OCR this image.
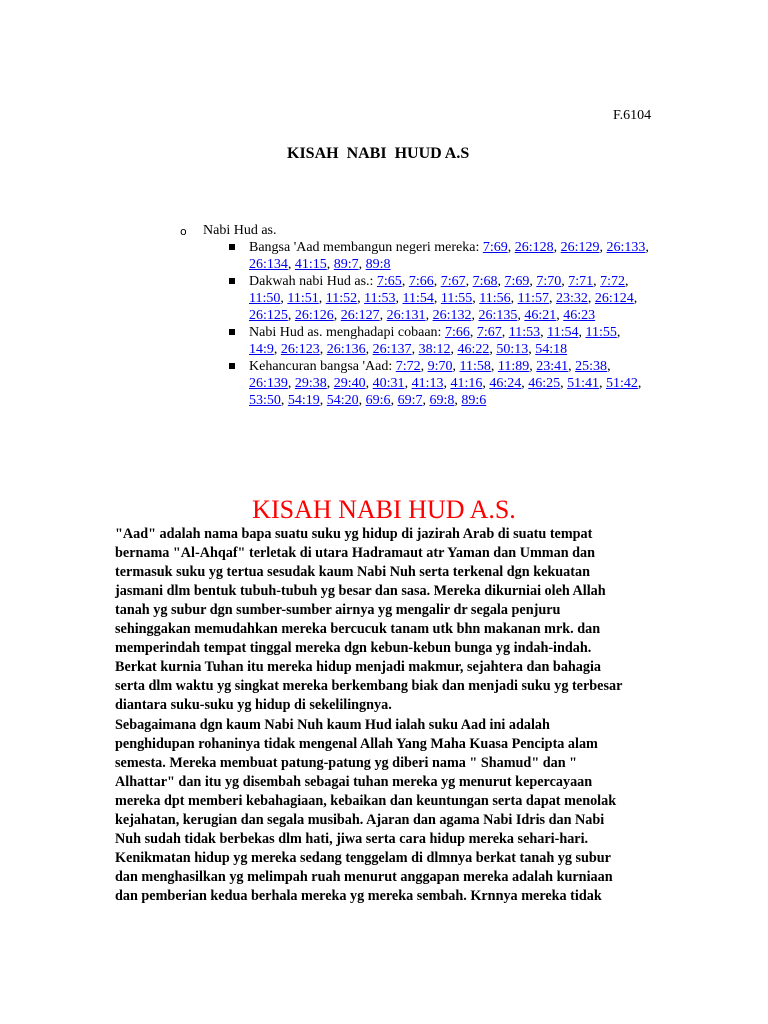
F.6104
KISAH  NABI  HUUD A.S
o Nabi Hud as.
Bangsa 'Aad membangun negeri mereka: 7:69, 26:128, 26:129, 26:133, 26:134, 41:15, 89:7, 89:8
Dakwah nabi Hud as.: 7:65, 7:66, 7:67, 7:68, 7:69, 7:70, 7:71, 7:72, 11:50, 11:51, 11:52, 11:53, 11:54, 11:55, 11:56, 11:57, 23:32, 26:124, 26:125, 26:126, 26:127, 26:131, 26:132, 26:135, 46:21, 46:23
Nabi Hud as. menghadapi cobaan: 7:66, 7:67, 11:53, 11:54, 11:55, 14:9, 26:123, 26:136, 26:137, 38:12, 46:22, 50:13, 54:18
Kehancuran bangsa 'Aad: 7:72, 9:70, 11:58, 11:89, 23:41, 25:38, 26:139, 29:38, 29:40, 40:31, 41:13, 41:16, 46:24, 46:25, 51:41, 51:42, 53:50, 54:19, 54:20, 69:6, 69:7, 69:8, 89:6
KISAH NABI HUD A.S.
"Aad" adalah nama bapa suatu suku yg hidup di jazirah Arab di suatu tempat
bernama "Al-Ahqaf" terletak di utara Hadramaut atr Yaman dan Umman dan
termasuk suku yg tertua sesudak kaum Nabi Nuh serta terkenal dgn kekuatan
jasmani dlm bentuk tubuh-tubuh yg besar dan sasa. Mereka dikurniai oleh Allah
tanah yg subur dgn sumber-sumber airnya yg mengalir dr segala penjuru
sehinggakan memudahkan mereka bercucuk tanam utk bhn makanan mrk. dan
memperindah tempat tinggal mereka dgn kebun-kebun bunga yg indah-indah.
Berkat kurnia Tuhan itu mereka hidup menjadi makmur, sejahtera dan bahagia
serta dlm waktu yg singkat mereka berkembang biak dan menjadi suku yg terbesar
diantara suku-suku yg hidup di sekelilingnya.
Sebagaimana dgn kaum Nabi Nuh kaum Hud ialah suku Aad ini adalah
penghidupan rohaninya tidak mengenal Allah Yang Maha Kuasa Pencipta alam
semesta. Mereka membuat patung-patung yg diberi nama " Shamud" dan "
Alhattar" dan itu yg disembah sebagai tuhan mereka yg menurut kepercayaan
mereka dpt memberi kebahagiaan, kebaikan dan keuntungan serta dapat menolak
kejahatan, kerugian dan segala musibah. Ajaran dan agama Nabi Idris dan Nabi
Nuh sudah tidak berbekas dlm hati, jiwa serta cara hidup mereka sehari-hari.
Kenikmatan hidup yg mereka sedang tenggelam di dlmnya berkat tanah yg subur
dan menghasilkan yg melimpah ruah menurut anggapan mereka adalah kurniaan
dan pemberian kedua berhala mereka yg mereka sembah. Krnnya mereka tidak
